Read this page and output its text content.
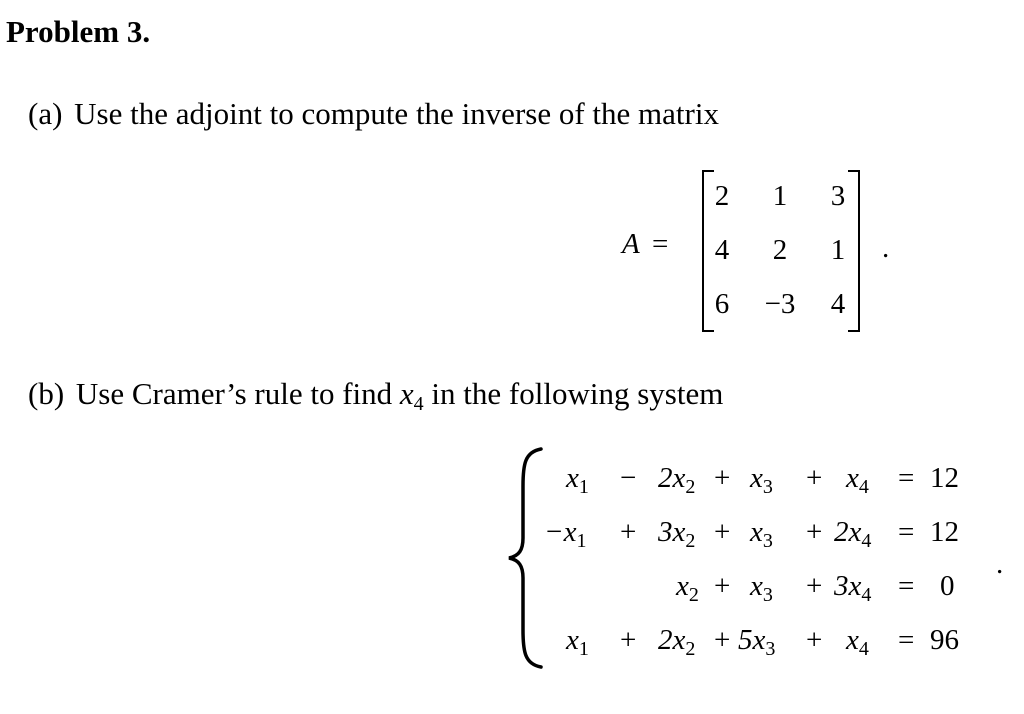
Problem 3.
(a) Use the adjoint to compute the inverse of the matrix
A =
2	1	3
4	2	1
6	−3	4
.
(b) Use Cramer’s rule to find $x_4$ in the following system
$x_1 - 2x_2 + x_3 + x_4 = 12$
$-x_1 + 3x_2 + x_3 + 2x_4 = 12$
$x_2 + x_3 + 3x_4 = 0$
$x_1 + 2x_2 + 5x_3 + x_4 = 96$
.
